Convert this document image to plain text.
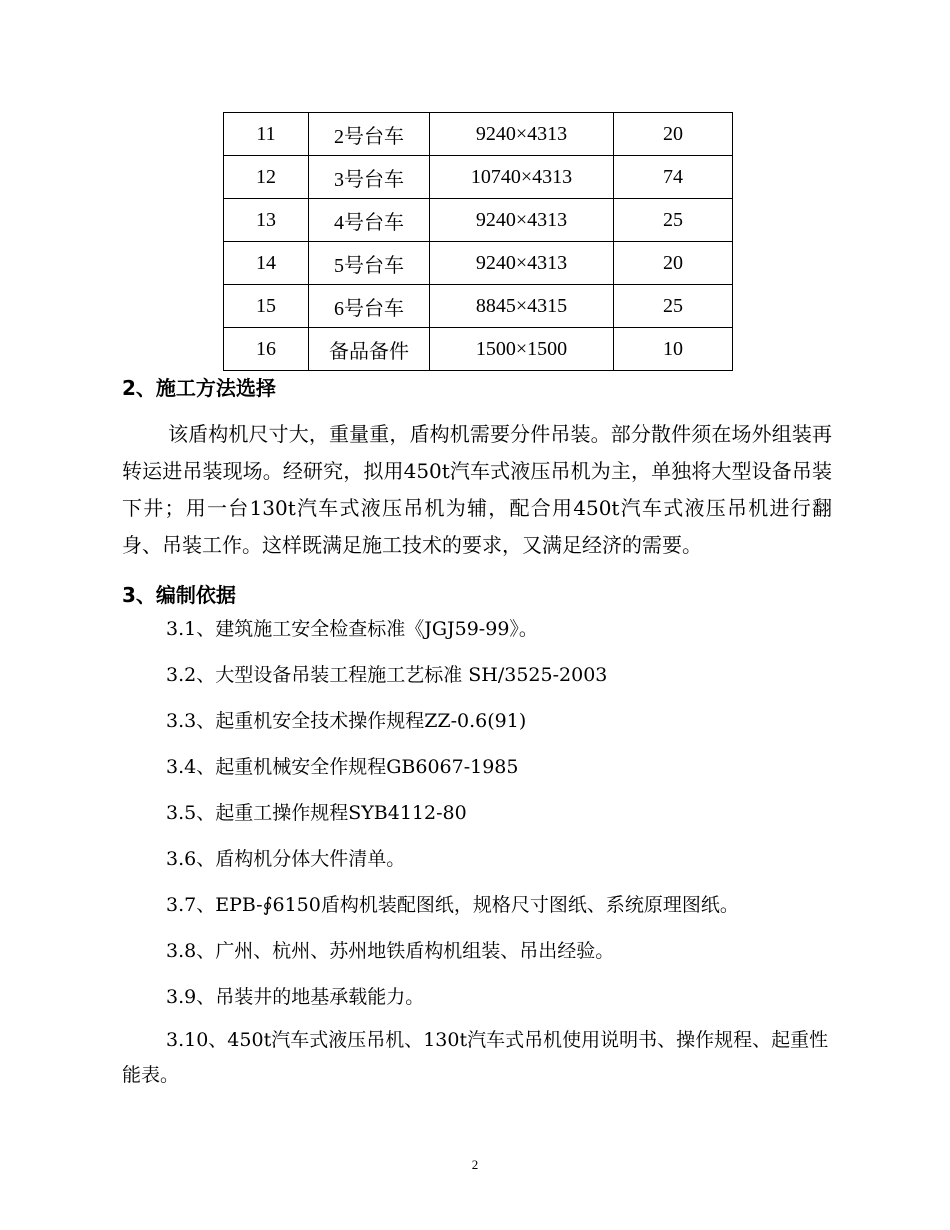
11	2号台车	9240×4313	20
12	3号台车	10740×4313	74
13	4号台车	9240×4313	25
14	5号台车	9240×4313	20
15	6号台车	8845×4315	25
16	备品备件	1500×1500	10
2、施工方法选择
该盾构机尺寸大，重量重，盾构机需要分件吊装。部分散件须在场外组装再转运进吊装现场。经研究，拟用450t汽车式液压吊机为主，单独将大型设备吊装下井；用一台130t汽车式液压吊机为辅，配合用450t汽车式液压吊机进行翻身、吊装工作。这样既满足施工技术的要求，又满足经济的需要。
3、编制依据
3.1、建筑施工安全检查标准《JGJ59-99》。
3.2、大型设备吊装工程施工艺标准 SH/3525-2003
3.3、起重机安全技术操作规程ZZ-0.6(91)
3.4、起重机械安全作规程GB6067-1985
3.5、起重工操作规程SYB4112-80
3.6、盾构机分体大件清单。
3.7、EPB-∮6150盾构机装配图纸，规格尺寸图纸、系统原理图纸。
3.8、广州、杭州、苏州地铁盾构机组装、吊出经验。
3.9、吊装井的地基承载能力。
3.10、450t汽车式液压吊机、130t汽车式吊机使用说明书、操作规程、起重性能表。
2
